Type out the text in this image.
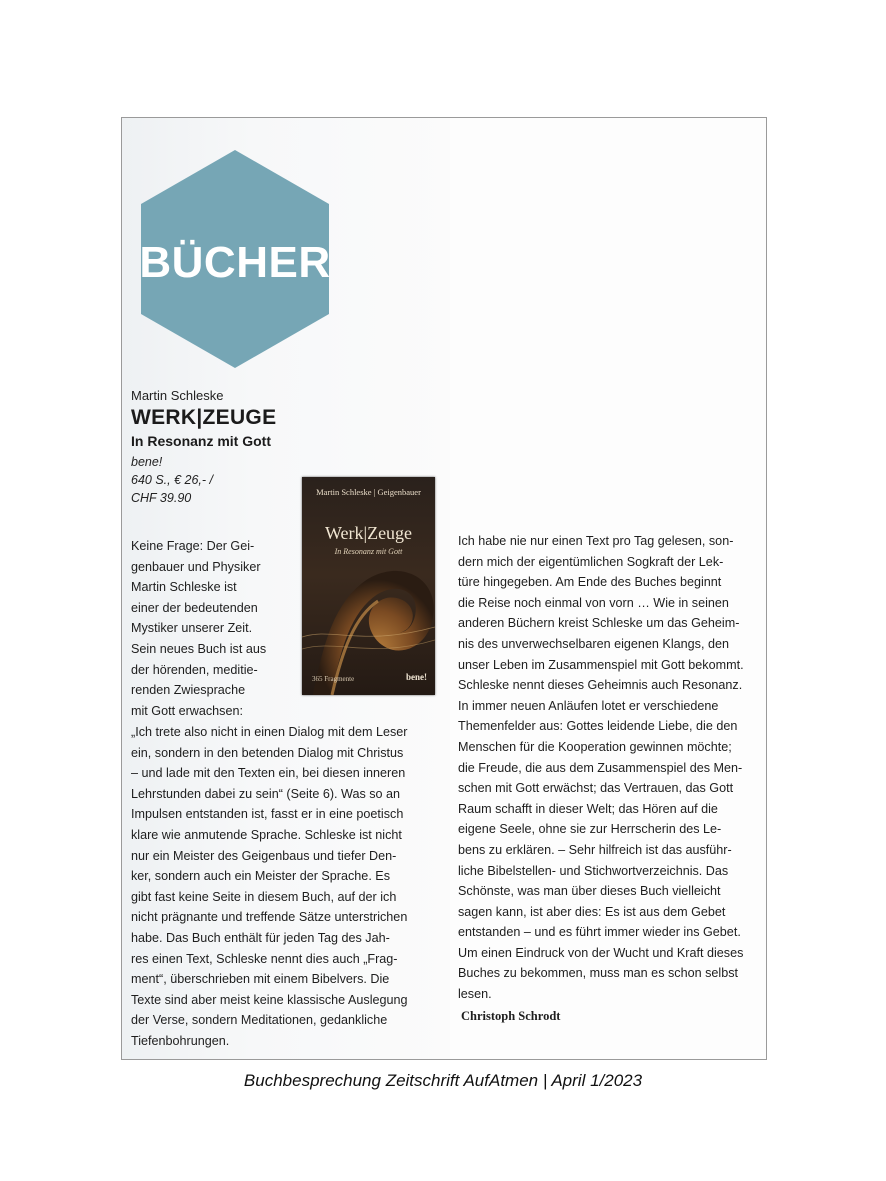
BÜCHER
Martin Schleske
WERK|ZEUGE
In Resonanz mit Gott
bene!
640 S., € 26,- /
CHF 39.90	Martin Schleske | Geigenbauer
Werk|Zeuge
In Resonanz mit Gott
365 Fragmente	bene!
Keine Frage: Der Gei-
genbauer und Physiker
Martin Schleske ist
einer der bedeutenden
Mystiker unserer Zeit.
Sein neues Buch ist aus
der hörenden, meditie-
renden Zwiesprache
mit Gott erwachsen:
„Ich trete also nicht in einen Dialog mit dem Leser
ein, sondern in den betenden Dialog mit Christus
– und lade mit den Texten ein, bei diesen inneren
Lehrstunden dabei zu sein“ (Seite 6). Was so an
Impulsen entstanden ist, fasst er in eine poetisch
klare wie anmutende Sprache. Schleske ist nicht
nur ein Meister des Geigenbaus und tiefer Den-
ker, sondern auch ein Meister der Sprache. Es
gibt fast keine Seite in diesem Buch, auf der ich
nicht prägnante und treffende Sätze unterstrichen
habe. Das Buch enthält für jeden Tag des Jah-
res einen Text, Schleske nennt dies auch „Frag-
ment“, überschrieben mit einem Bibelvers. Die
Texte sind aber meist keine klassische Auslegung
der Verse, sondern Meditationen, gedankliche
Tiefenbohrungen.
Ich habe nie nur einen Text pro Tag gelesen, son-
dern mich der eigentümlichen Sogkraft der Lek-
türe hingegeben. Am Ende des Buches beginnt
die Reise noch einmal von vorn … Wie in seinen
anderen Büchern kreist Schleske um das Geheim-
nis des unverwechselbaren eigenen Klangs, den
unser Leben im Zusammenspiel mit Gott bekommt.
Schleske nennt dieses Geheimnis auch Resonanz.
In immer neuen Anläufen lotet er verschiedene
Themenfelder aus: Gottes leidende Liebe, die den
Menschen für die Kooperation gewinnen möchte;
die Freude, die aus dem Zusammenspiel des Men-
schen mit Gott erwächst; das Vertrauen, das Gott
Raum schafft in dieser Welt; das Hören auf die
eigene Seele, ohne sie zur Herrscherin des Le-
bens zu erklären. – Sehr hilfreich ist das ausführ-
liche Bibelstellen- und Stichwortverzeichnis. Das
Schönste, was man über dieses Buch vielleicht
sagen kann, ist aber dies: Es ist aus dem Gebet
entstanden – und es führt immer wieder ins Gebet.
Um einen Eindruck von der Wucht und Kraft dieses
Buches zu bekommen, muss man es schon selbst
lesen.
Christoph Schrodt
Buchbesprechung Zeitschrift AufAtmen | April 1/2023
